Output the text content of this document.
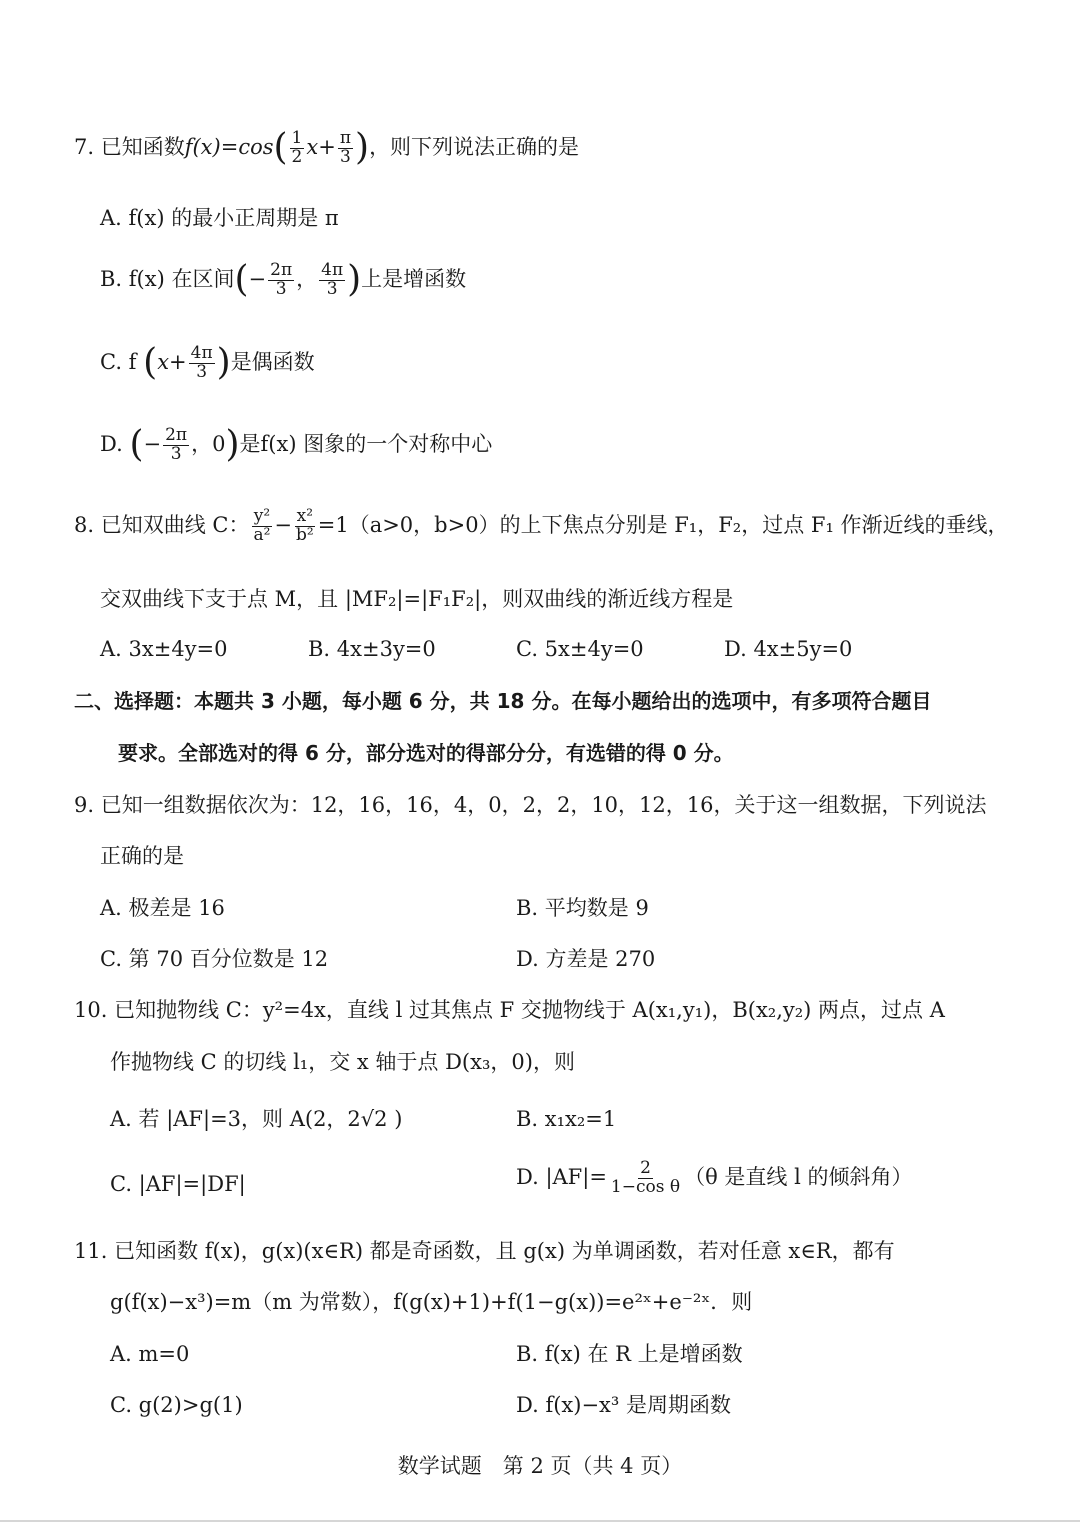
7. 已知函数$f(x)=\cos( \frac{1}{2} x+ \frac{\pi}{3}$ )，则下列说法正确的是
A. f(x) 的最小正周期是 π
B. f(x) 在区间(− $\frac{2\pi}{3}$ ， $\frac{4\pi}{3}$ )上是增函数
C. f ($x+ \frac{4\pi}{3}$ )是偶函数
D. (− $\frac{2\pi}{3}$ ，0)是f(x) 图象的一个对称中心
8. 已知双曲线 C： $\frac{\text{y²}}{\text{a²}} - \frac{\text{x²}}{\text{b²}} =1(a>0$，b>0）的上下焦点分别是 F₁，F₂，过点 F₁ 作渐近线的垂线，
交双曲线下支于点 M，且 |MF₂|=|F₁F₂|，则双曲线的渐近线方程是
A. 3x±4y=0	B. 4x±3y=0	C. 5x±4y=0	D. 4x±5y=0
二、选择题：本题共 3 小题，每小题 6 分，共 18 分。在每小题给出的选项中，有多项符合题目
要求。全部选对的得 6 分，部分选对的得部分分，有选错的得 0 分。
9. 已知一组数据依次为：12，16，16，4，0，2，2，10，12，16，关于这一组数据，下列说法
正确的是
A. 极差是 16	B. 平均数是 9
C. 第 70 百分位数是 12	D. 方差是 270
10. 已知抛物线 C：y²=4x，直线 l 过其焦点 F 交抛物线于 A(x₁,y₁)，B(x₂,y₂) 两点，过点 A
作抛物线 C 的切线 l₁，交 x 轴于点 D(x₃，0)，则
A. 若 |AF|=3，则 A(2，2√2 )	B. x₁x₂=1
C. |AF|=|DF|	D. $|AF|= \frac{2}{\text{1−cos θ}} (\theta$ 是直线 l 的倾斜角）
11. 已知函数 f(x)，g(x)(x∈R) 都是奇函数，且 g(x) 为单调函数，若对任意 x∈R，都有
g(f(x)−x³)=m（m 为常数），f(g(x)+1)+f(1−g(x))=e²ˣ+e⁻²ˣ．则
A. m=0	B. f(x) 在 R 上是增函数
C. g(2)>g(1)	D. f(x)−x³ 是周期函数
数学试题　第 2 页（共 4 页）
